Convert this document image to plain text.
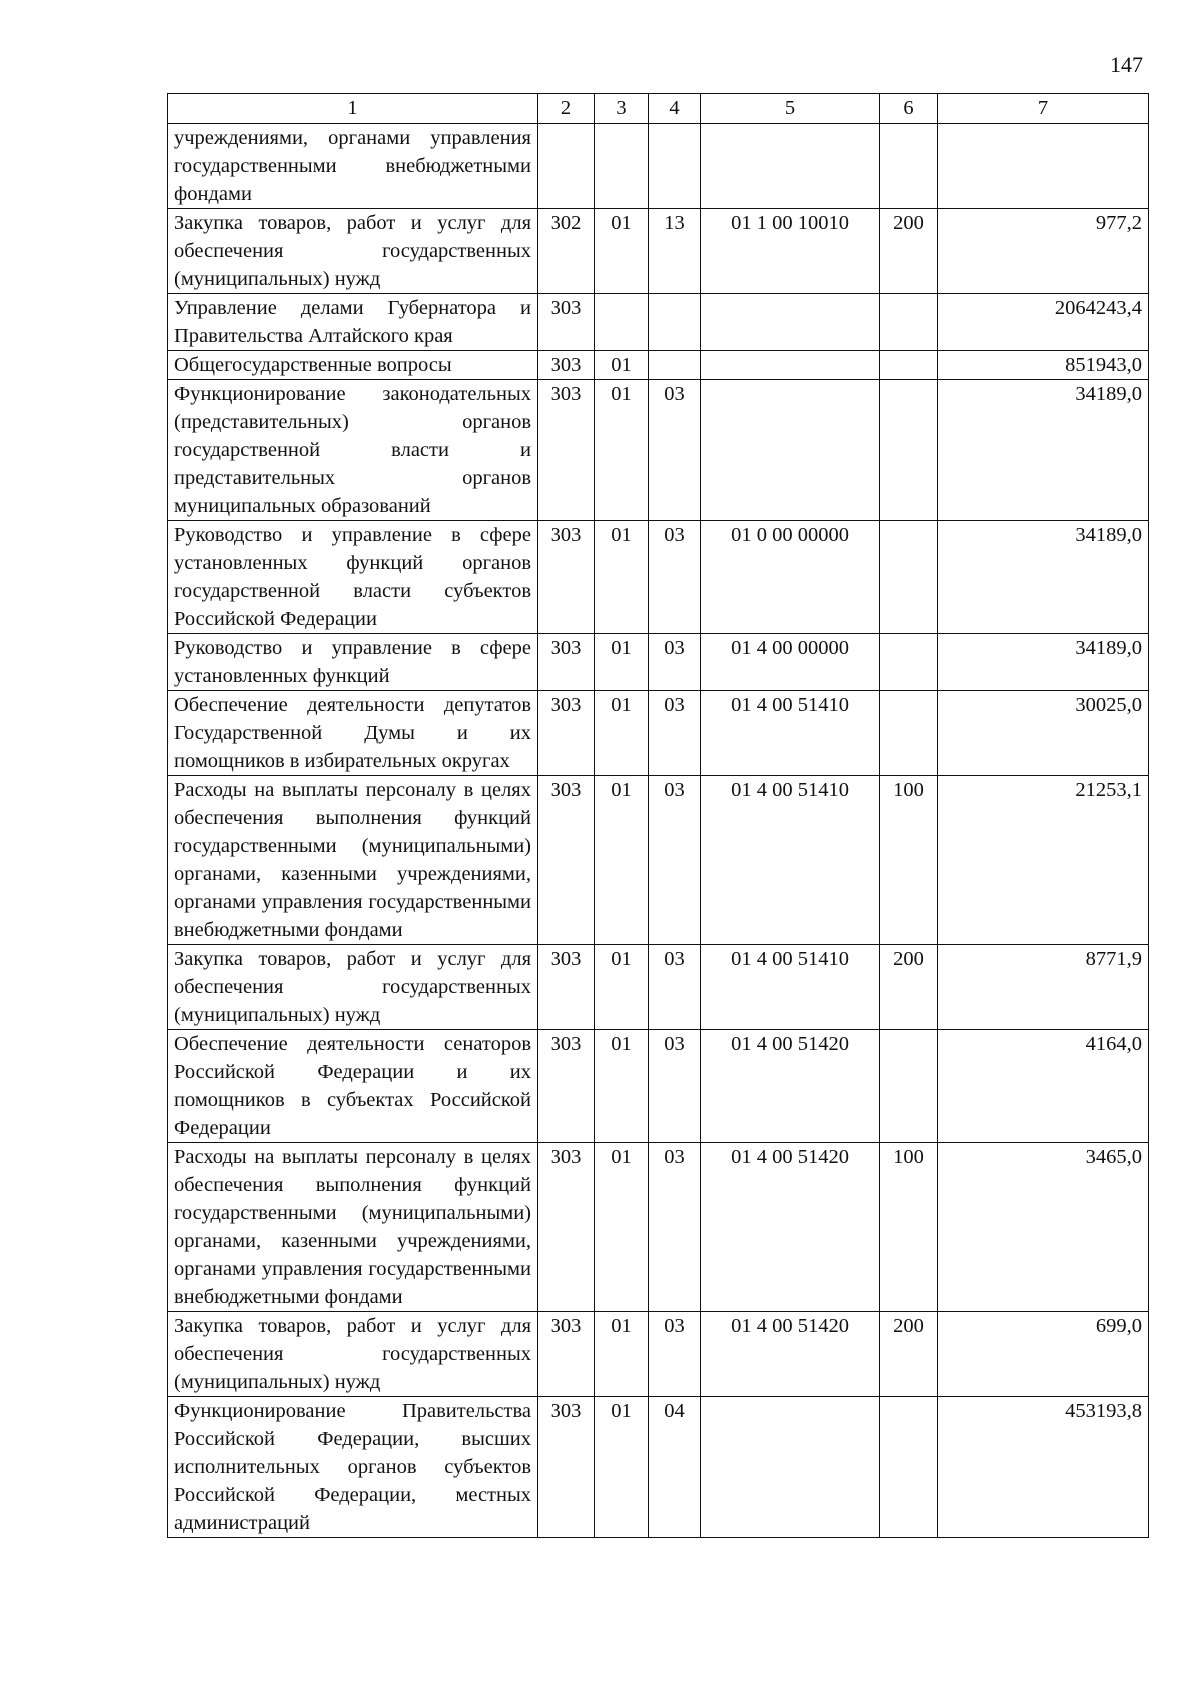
147
1	2	3	4	5	6	7
учреждениями, органами управления государственными внебюджетными фондами						
Закупка товаров, работ и услуг для обеспечения государственных (муниципальных) нужд	302	01	13	01 1 00 10010	200	977,2
Управление делами Губернатора и Правительства Алтайского края	303					2064243,4
Общегосударственные вопросы	303	01				851943,0
Функционирование законодательных (представительных) органов государственной власти и представительных органов муниципальных образований	303	01	03			34189,0
Руководство и управление в сфере установленных функций органов государственной власти субъектов Российской Федерации	303	01	03	01 0 00 00000		34189,0
Руководство и управление в сфере установленных функций	303	01	03	01 4 00 00000		34189,0
Обеспечение деятельности депутатов Государственной Думы и их помощников в избирательных округах	303	01	03	01 4 00 51410		30025,0
Расходы на выплаты персоналу в целях обеспечения выполнения функций государственными (муниципальными) органами, казенными учреждениями, органами управления государственными внебюджетными фондами	303	01	03	01 4 00 51410	100	21253,1
Закупка товаров, работ и услуг для обеспечения государственных (муниципальных) нужд	303	01	03	01 4 00 51410	200	8771,9
Обеспечение деятельности сенаторов Российской Федерации и их помощников в субъектах Российской Федерации	303	01	03	01 4 00 51420		4164,0
Расходы на выплаты персоналу в целях обеспечения выполнения функций государственными (муниципальными) органами, казенными учреждениями, органами управления государственными внебюджетными фондами	303	01	03	01 4 00 51420	100	3465,0
Закупка товаров, работ и услуг для обеспечения государственных (муниципальных) нужд	303	01	03	01 4 00 51420	200	699,0
Функционирование Правительства Российской Федерации, высших исполнительных органов субъектов Российской Федерации, местных администраций	303	01	04			453193,8
